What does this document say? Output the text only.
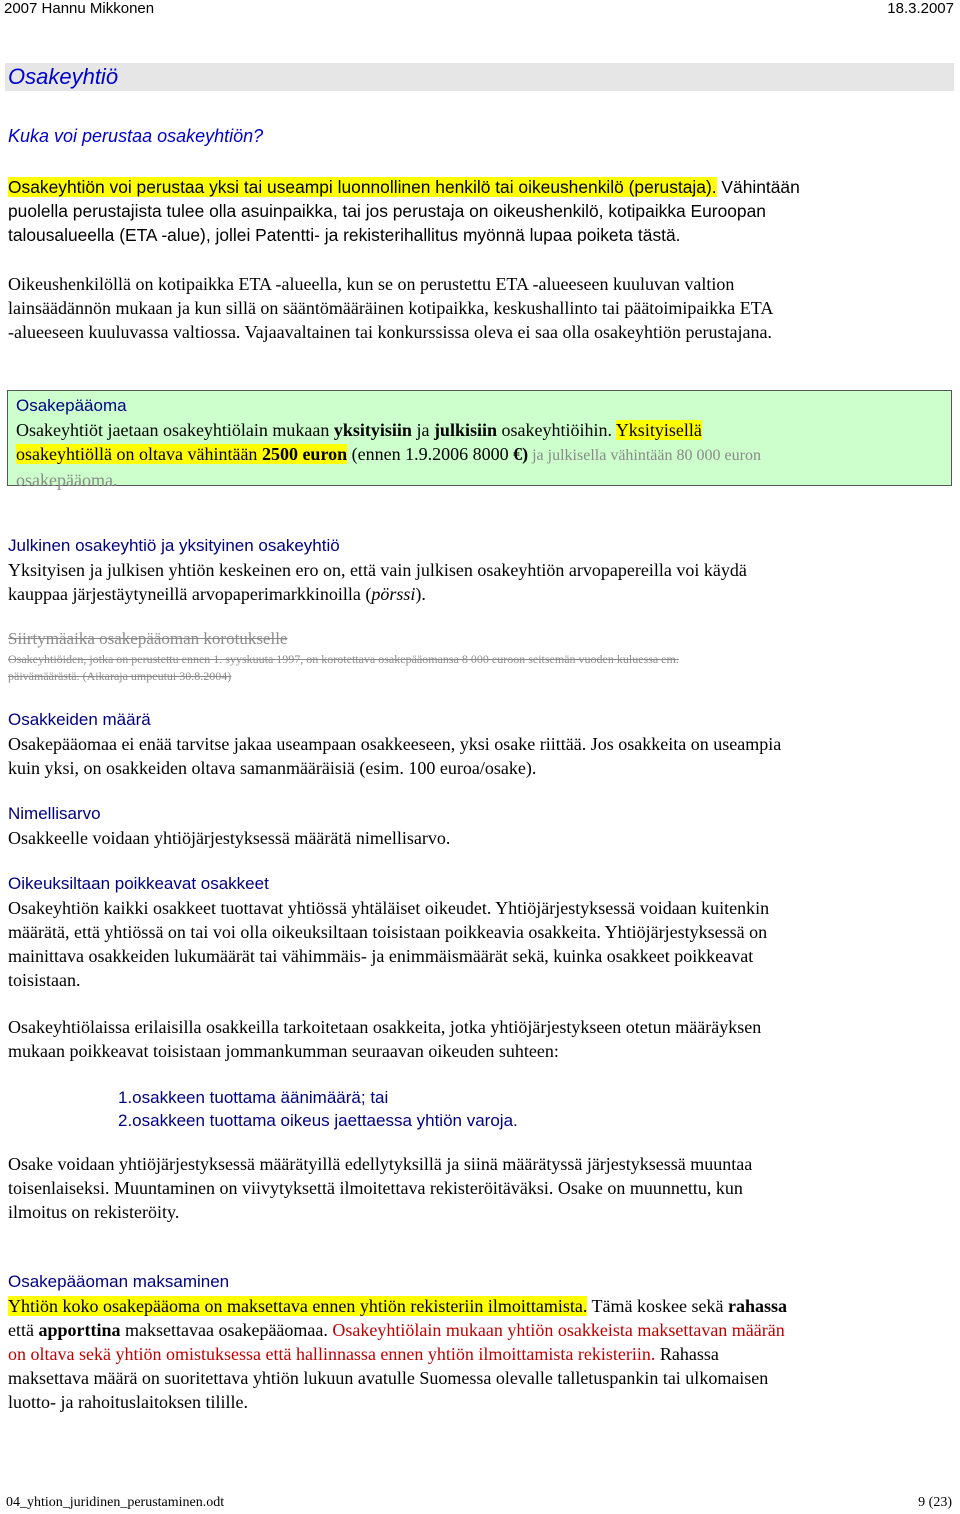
2007 Hannu Mikkonen	18.3.2007
Osakeyhtiö
Kuka voi perustaa osakeyhtiön?
Osakeyhtiön voi perustaa yksi tai useampi luonnollinen henkilö tai oikeushenkilö (perustaja). Vähintään
puolella perustajista tulee olla asuinpaikka, tai jos perustaja on oikeushenkilö, kotipaikka Euroopan
talousalueella (ETA -alue), jollei Patentti- ja rekisterihallitus myönnä lupaa poiketa tästä.
Oikeushenkilöllä on kotipaikka ETA -alueella, kun se on perustettu ETA -alueeseen kuuluvan valtion
lainsäädännön mukaan ja kun sillä on sääntömääräinen kotipaikka, keskushallinto tai päätoimipaikka ETA
-alueeseen kuuluvassa valtiossa. Vajaavaltainen tai konkurssissa oleva ei saa olla osakeyhtiön perustajana.
Osakepääoma
Osakeyhtiöt jaetaan osakeyhtiölain mukaan yksityisiin ja julkisiin osakeyhtiöihin. Yksityisellä
osakeyhtiöllä on oltava vähintään 2500 euron (ennen 1.9.2006 8000 €) ja julkisella vähintään 80 000 euron
osakepääoma.
Julkinen osakeyhtiö ja yksityinen osakeyhtiö
Yksityisen ja julkisen yhtiön keskeinen ero on, että vain julkisen osakeyhtiön arvopapereilla voi käydä
kauppaa järjestäytyneillä arvopaperimarkkinoilla (pörssi).
Siirtymäaika osakepääoman korotukselle
Osakeyhtiöiden, jotka on perustettu ennen 1. syyskuuta 1997, on korotettava osakepääomansa 8 000 euroon seitsemän vuoden kuluessa em.
päivämäärästä. (Aikaraja umpeutui 30.8.2004)
Osakkeiden määrä
Osakepääomaa ei enää tarvitse jakaa useampaan osakkeeseen, yksi osake riittää. Jos osakkeita on useampia
kuin yksi, on osakkeiden oltava samanmääräisiä (esim. 100 euroa/osake).
Nimellisarvo
Osakkeelle voidaan yhtiöjärjestyksessä määrätä nimellisarvo.
Oikeuksiltaan poikkeavat osakkeet
Osakeyhtiön kaikki osakkeet tuottavat yhtiössä yhtäläiset oikeudet. Yhtiöjärjestyksessä voidaan kuitenkin
määrätä, että yhtiössä on tai voi olla oikeuksiltaan toisistaan poikkeavia osakkeita. Yhtiöjärjestyksessä on
mainittava osakkeiden lukumäärät tai vähimmäis- ja enimmäismäärät sekä, kuinka osakkeet poikkeavat
toisistaan.
Osakeyhtiölaissa erilaisilla osakkeilla tarkoitetaan osakkeita, jotka yhtiöjärjestykseen otetun määräyksen
mukaan poikkeavat toisistaan jommankumman seuraavan oikeuden suhteen:
1.osakkeen tuottama äänimäärä; tai
2.osakkeen tuottama oikeus jaettaessa yhtiön varoja.
Osake voidaan yhtiöjärjestyksessä määrätyillä edellytyksillä ja siinä määrätyssä järjestyksessä muuntaa
toisenlaiseksi. Muuntaminen on viivytyksettä ilmoitettava rekisteröitäväksi. Osake on muunnettu, kun
ilmoitus on rekisteröity.
Osakepääoman maksaminen
Yhtiön koko osakepääoma on maksettava ennen yhtiön rekisteriin ilmoittamista. Tämä koskee sekä rahassa
että apporttina maksettavaa osakepääomaa. Osakeyhtiölain mukaan yhtiön osakkeista maksettavan määrän
on oltava sekä yhtiön omistuksessa että hallinnassa ennen yhtiön ilmoittamista rekisteriin. Rahassa
maksettava määrä on suoritettava yhtiön lukuun avatulle Suomessa olevalle talletuspankin tai ulkomaisen
luotto- ja rahoituslaitoksen tilille.
04_yhtion_juridinen_perustaminen.odt	9 (23)
